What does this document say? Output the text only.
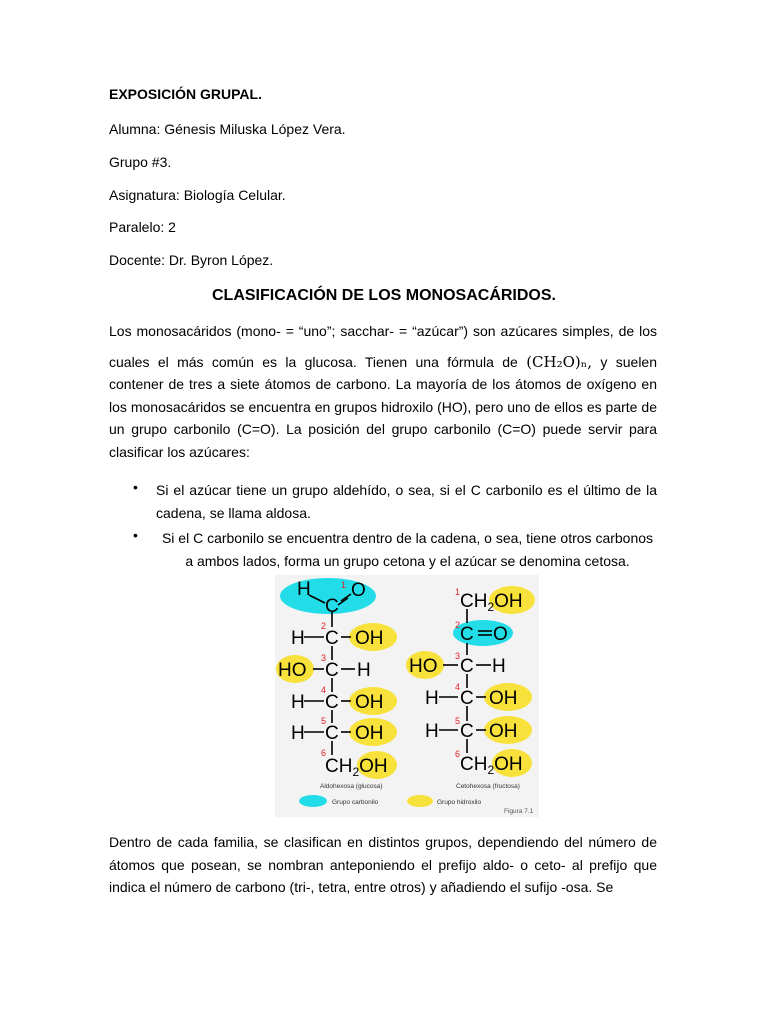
EXPOSICIÓN GRUPAL.
Alumna: Génesis Miluska López Vera.
Grupo #3.
Asignatura: Biología Celular.
Paralelo: 2
Docente: Dr. Byron López.
CLASIFICACIÓN DE LOS MONOSACÁRIDOS.

Los monosacáridos (mono- = “uno”; sacchar- = “azúcar”) son azúcares simples, de los

cuales el más común es la glucosa. Tienen una fórmula de (CH₂O)ₙ, y suelen

contener de tres a siete átomos de carbono. La mayoría de los átomos de oxígeno en los monosacáridos se encuentra en grupos hidroxilo (HO), pero uno de ellos es parte de un grupo carbonilo (C=O). La posición del grupo carbonilo (C=O) puede servir para clasificar los azúcares:

• Si el azúcar tiene un grupo aldehído, o sea, si el C carbonilo es el último de la cadena, se llama aldosa.
• Si el C carbonilo se encuentra dentro de la cadena, o sea, tiene otros carbonos a ambos lados, forma un grupo cetona y el azúcar se denomina cetosa.
H
C
O
H C OH
HO C H
H C OH
H C OH
$CH_2OH$
1
2
3
4
5
6
$CH_2OH$
C O
HO C H
H C OH
H C OH
$CH_2OH$
1
2
3
4
5
6
Aldohexosa (glucosa)	Cetohexosa (fructosa)
Grupo carbonilo	Grupo hidroxilo
Figura 7.1
Dentro de cada familia, se clasifican en distintos grupos, dependiendo del número de átomos que posean, se nombran anteponiendo el prefijo aldo- o ceto- al prefijo que indica el número de carbono (tri-, tetra, entre otros) y añadiendo el sufijo -osa. Se
